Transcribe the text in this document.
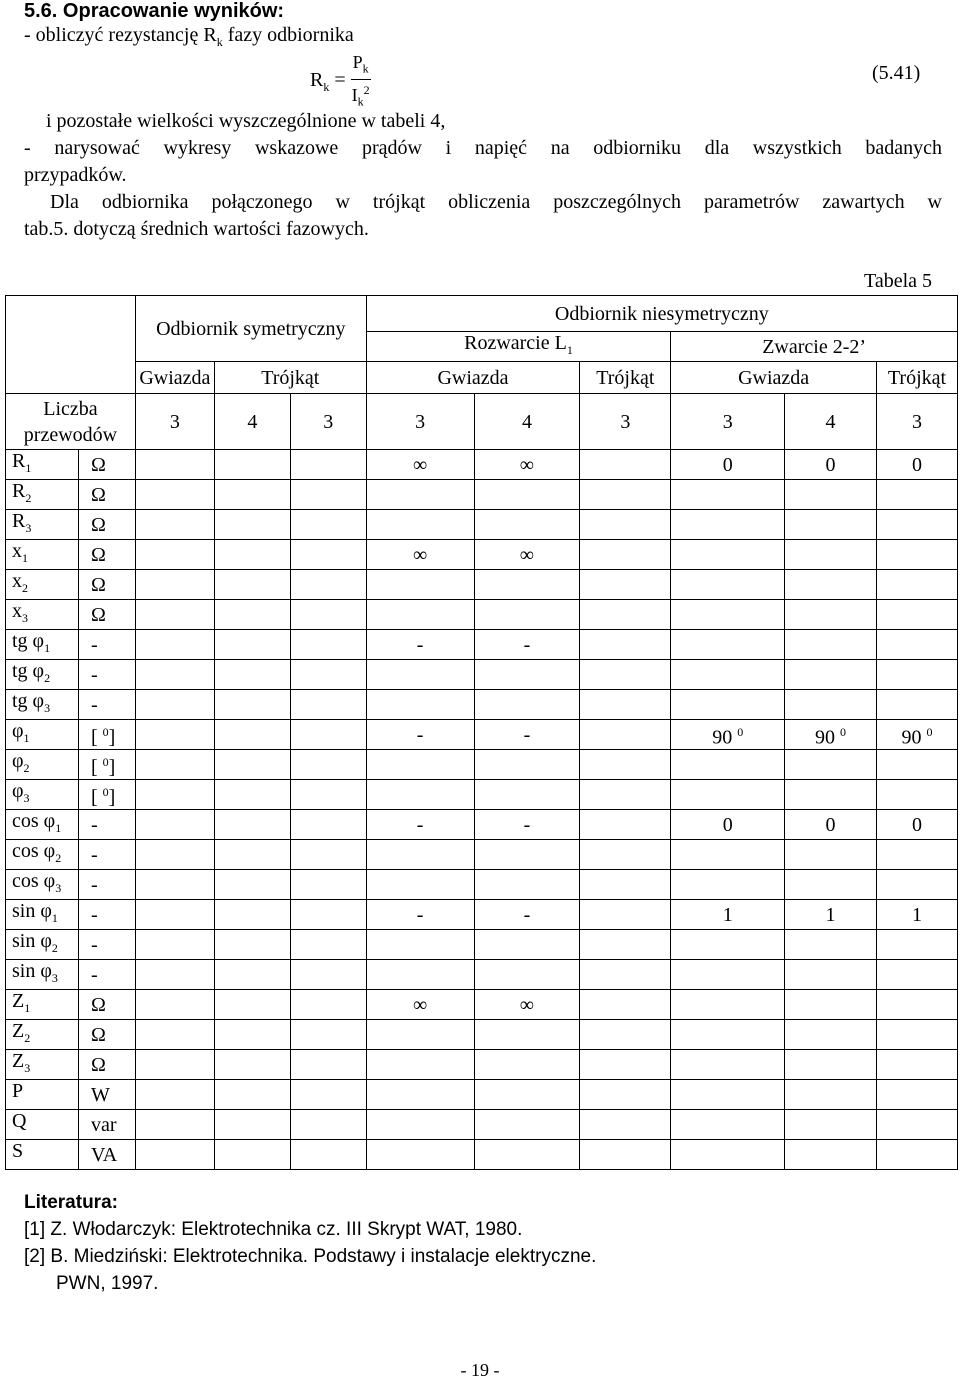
5.6. Opracowanie wyników:
- obliczyć rezystancję $R_k$ fazy odbiornika
$R_k = \frac{P_k}{I_k^2}$	(5.41)
i pozostałe wielkości wyszczególnione w tabeli 4,
- narysować wykresy wskazowe prądów i napięć na odbiorniku dla wszystkich badanych
przypadków.
Dla odbiornika połączonego w trójkąt obliczenia poszczególnych parametrów zawartych w
tab.5. dotyczą średnich wartości fazowych.
Tabela 5
		Odbiornik symetryczny			Odbiornik niesymetryczny					
					Rozwarcie $L_1$			Zwarcie 2-2’		
		Gwiazda	Trójkąt		Gwiazda		Trójkąt	Gwiazda		Trójkąt
Liczba
przewodów		3	4	3	3	4	3	3	4	3
$R_1$	Ω				∞	∞		0	0	0
$R_2$	Ω									
$R_3$	Ω									
$x_1$	Ω				∞	∞				
$x_2$	Ω									
$x_3$	Ω									
tg $\varphi_1$	-				-	-				
tg $\varphi_2$	-									
tg $\varphi_3$	-									
$\varphi_1$	[ $^0$]				-	-		90 $^0$	90 $^0$	90 $^0$
$\varphi_2$	[ $^0$]									
$\varphi_3$	[ $^0$]									
$\cos \varphi_1$	-				-	-		0	0	0
$\cos \varphi_2$	-									
$\cos \varphi_3$	-									
$\sin \varphi_1$	-				-	-		1	1	1
$\sin \varphi_2$	-									
$\sin \varphi_3$	-									
$Z_1$	Ω				∞	∞				
$Z_2$	Ω									
$Z_3$	Ω									
P	W									
Q	var									
S	VA									
Literatura:
[1] Z. Włodarczyk: Elektrotechnika cz. III Skrypt WAT, 1980.
[2] B. Miedziński: Elektrotechnika. Podstawy i instalacje elektryczne.
PWN, 1997.
- 19 -
